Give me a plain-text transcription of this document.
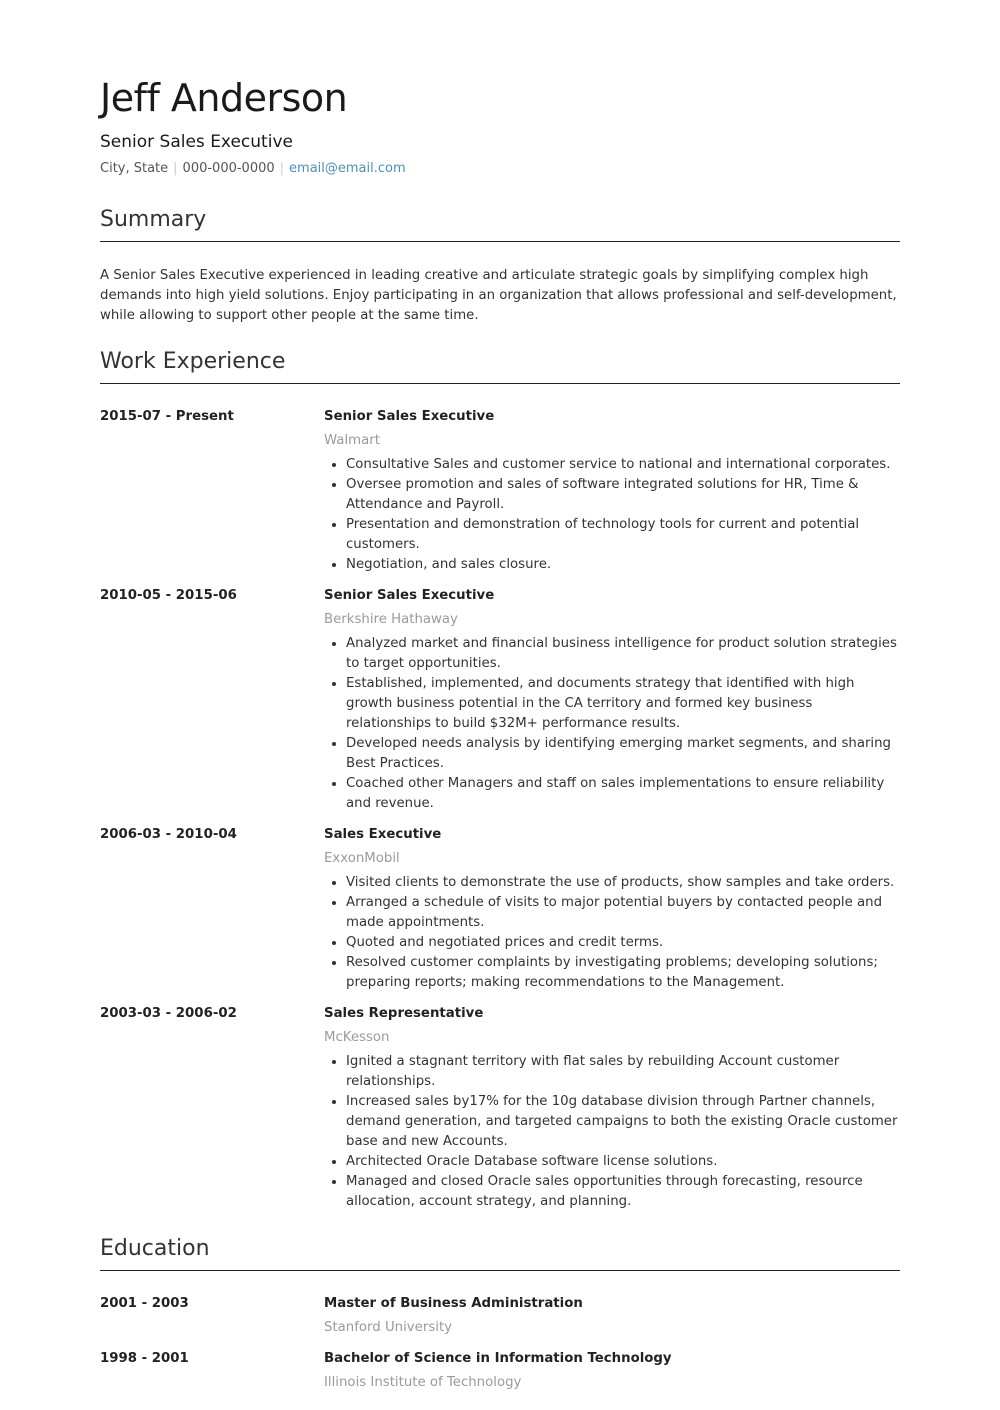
Jeff Anderson
Senior Sales Executive
City, State | 000-000-0000 | email@email.com
Summary

A Senior Sales Executive experienced in leading creative and articulate strategic goals by simplifying complex high demands into high yield solutions. Enjoy participating in an organization that allows professional and self-development, while allowing to support other people at the same time.

Work Experience
2015-07 - Present	Senior Sales Executive
Walmart
• Consultative Sales and customer service to national and international corporates.
• Oversee promotion and sales of software integrated solutions for HR, Time & Attendance and Payroll.
• Presentation and demonstration of technology tools for current and potential customers.
• Negotiation, and sales closure.
2010-05 - 2015-06	Senior Sales Executive
Berkshire Hathaway
• Analyzed market and financial business intelligence for product solution strategies to target opportunities.
• Established, implemented, and documents strategy that identified with high growth business potential in the CA territory and formed key business relationships to build $32M+ performance results.
• Developed needs analysis by identifying emerging market segments, and sharing Best Practices.
• Coached other Managers and staff on sales implementations to ensure reliability and revenue.
2006-03 - 2010-04	Sales Executive
ExxonMobil
• Visited clients to demonstrate the use of products, show samples and take orders.
• Arranged a schedule of visits to major potential buyers by contacted people and made appointments.
• Quoted and negotiated prices and credit terms.
• Resolved customer complaints by investigating problems; developing solutions; preparing reports; making recommendations to the Management.
2003-03 - 2006-02	Sales Representative
McKesson
• Ignited a stagnant territory with flat sales by rebuilding Account customer relationships.
• Increased sales by17% for the 10g database division through Partner channels, demand generation, and targeted campaigns to both the existing Oracle customer base and new Accounts.
• Architected Oracle Database software license solutions.
• Managed and closed Oracle sales opportunities through forecasting, resource allocation, account strategy, and planning.
Education
2001 - 2003	Master of Business Administration
Stanford University
1998 - 2001	Bachelor of Science in Information Technology
Illinois Institute of Technology
